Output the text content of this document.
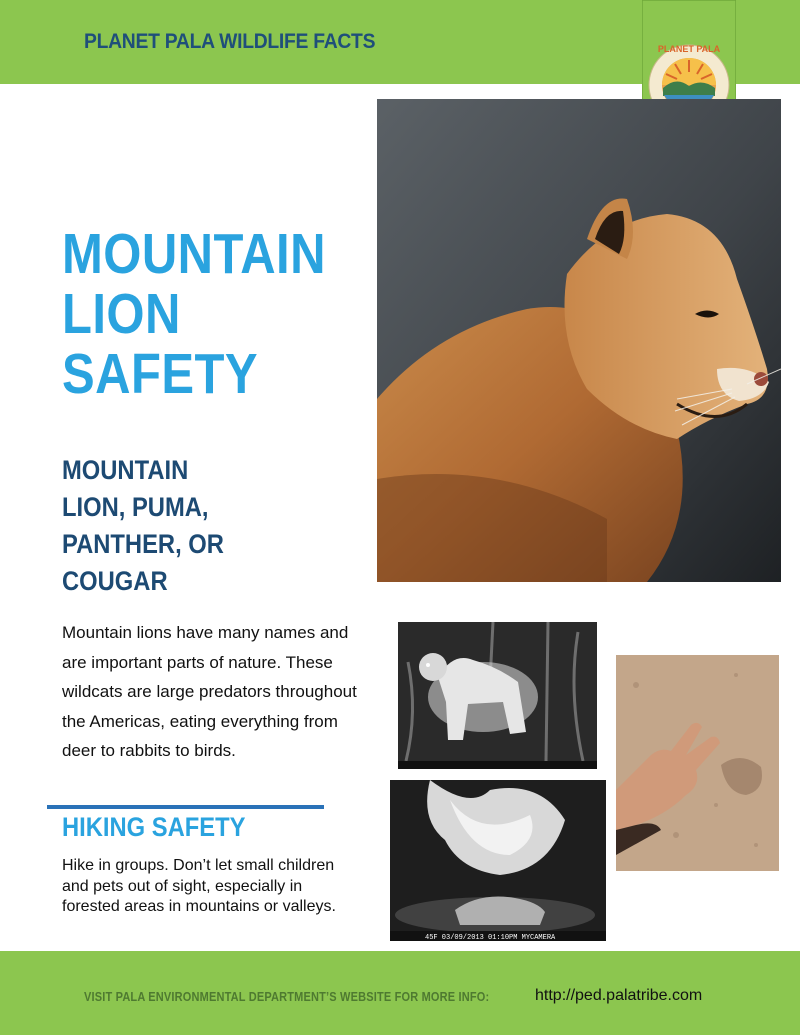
PLANET PALA WILDLIFE FACTS	PLANET PALA
MOUNTAIN
LION
SAFETY
MOUNTAIN
LION, PUMA,
PANTHER, OR
COUGAR

Mountain lions have many names and are important parts of nature. These wildcats are large predators throughout the Americas, eating everything from deer to rabbits to birds.

HIKING SAFETY

Hike in groups. Don’t let small children and pets out of sight, especially in forested areas in mountains or valleys.

45F 03/09/2013 01:10PM MYCAMERA
VISIT PALA ENVIRONMENTAL DEPARTMENT’S WEBSITE FOR MORE INFO:	http://ped.palatribe.com
